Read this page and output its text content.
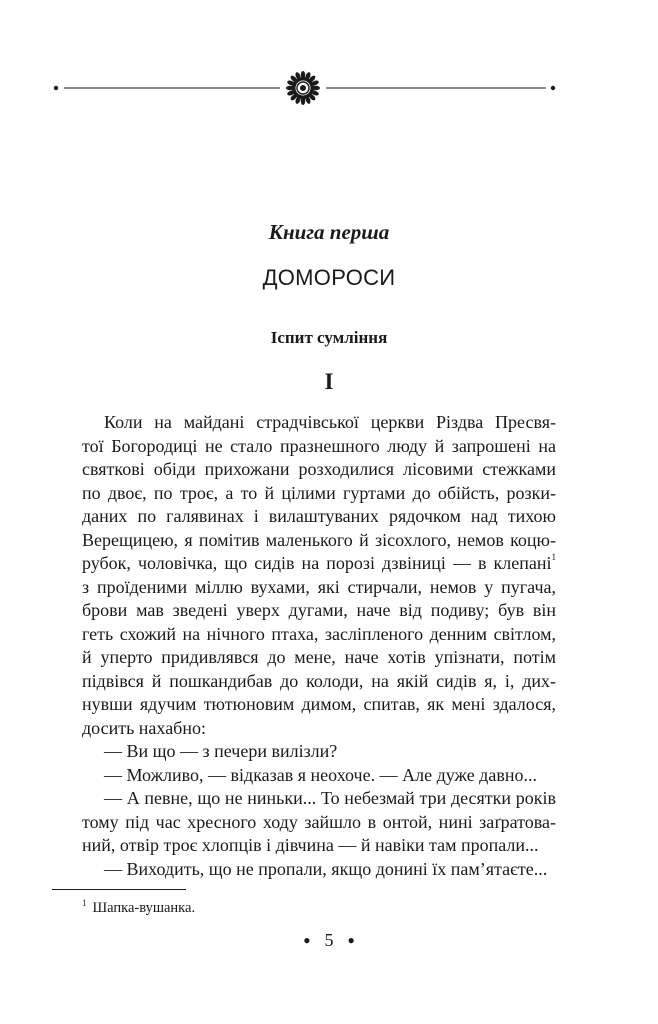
Книга перша
ДОМОРОСИ
Іспит сумління
І
Коли на майдані страдчівської церкви Різдва Пресвя-
тої Богородиці не стало празнешного люду й запрошені на
святкові обіди прихожани розходилися лісовими стежками
по двоє, по троє, а то й цілими гуртами до обійсть, розки-
даних по галявинах і вилаштуваних рядочком над тихою
Верещицею, я помітив маленького й зісохлого, немов коцю-
рубок, чоловічка, що сидів на порозі дзвіниці — в клепані$^1$
з проїденими міллю вухами, які стирчали, немов у пугача,
брови мав зведені уверх дугами, наче від подиву; був він
геть схожий на нічного птаха, засліпленого денним світлом,
й уперто придивлявся до мене, наче хотів упізнати, потім
підвівся й пошкандибав до колоди, на якій сидів я, і, дих-
нувши ядучим тютюновим димом, спитав, як мені здалося,
досить нахабно:
— Ви що — з печери вилізли?
— Можливо, — відказав я неохоче. — Але дуже давно...
— А певне, що не ниньки... То небезмай три десятки років
тому під час хресного ходу зайшло в онтой, нині заґратова-
ний, отвір троє хлопців і дівчина — й навіки там пропали...
— Виходить, що не пропали, якщо донині їх пам’ятаєте...
$^1$ Шапка-вушанка.
● 5 ●
